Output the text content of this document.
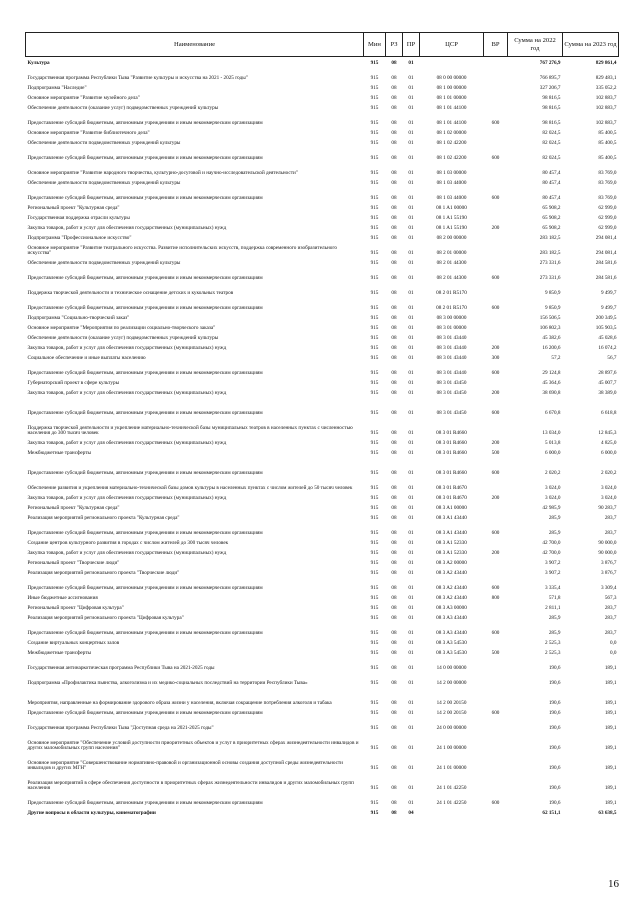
Наименование	Мин	РЗ	ПР	ЦСР	ВР	Сумма на 2022 год	Сумма на 2023 год
Культура	915	08	01			767 276,9	829 861,4
Государственная программа Республики Тыва "Развитие культуры и искусства на 2021 - 2025 годы"	915	08	01	08 0 00 00000		766 895,7	829 483,1
Подпрограмма "Наследие"	915	08	01	08 1 00 00000		327 206,7	335 052,2
Основное мероприятие "Развитие музейного дела"	915	08	01	08 1 01 00000		98 816,5	102 883,7
Обеспечение деятельности (оказание услуг) подведомственных учреждений культуры	915	08	01	08 1 01 44100		98 816,5	102 883,7
Предоставление субсидий бюджетным, автономным учреждениям и иным некоммерческим организациям	915	08	01	08 1 01 44100	600	98 816,5	102 883,7
Основное мероприятие "Развитие библиотечного дела"	915	08	01	08 1 02 00000		82 024,5	85 400,5
Обеспечение деятельности подведомственных учреждений культуры	915	08	01	08 1 02 42200		82 024,5	85 400,5
Предоставление субсидий бюджетным, автономным учреждениям и иным некоммерческим организациям	915	08	01	08 1 02 42200	600	82 024,5	85 400,5
Основное мероприятие "Развитие народного творчества, культурно-досуговой и научно-исследовательской деятельности"	915	08	01	08 1 03 00000		80 457,4	83 769,0
Обеспечение деятельности подведомственных учреждений культуры	915	08	01	08 1 03 44000		80 457,4	83 769,0
Предоставление субсидий бюджетным, автономным учреждениям и иным некоммерческим организациям	915	08	01	08 1 03 44000	600	80 457,4	83 769,0
Региональный проект "Культурная среда"	915	08	01	08 1 A1 00000		65 908,2	62 999,0
Государственная поддержка отрасли культуры	915	08	01	08 1 A1 55190		65 908,2	62 999,0
Закупка товаров, работ и услуг для обеспечения государственных (муниципальных) нужд	915	08	01	08 1 A1 55190	200	65 908,2	62 999,0
Подпрограмма "Профессиональное искусство"	915	08	01	08 2 00 00000		283 182,5	294 081,4
Основное мероприятие "Развитие театрального искусства. Развитие исполнительских искусств, поддержка современного изобразительного искусства"	915	08	01	08 2 01 00000		283 182,5	294 081,4
Обеспечение деятельности подведомственных учреждений культуры	915	08	01	08 2 01 44300		273 331,6	284 581,6
Предоставление субсидий бюджетным, автономным учреждениям и иным некоммерческим организациям	915	08	01	08 2 01 44300	600	273 331,6	284 581,6
Поддержка творческой деятельности и техническое оснащение детских и кукольных театров	915	08	01	08 2 01 R5170		9 850,9	9 499,7
Предоставление субсидий бюджетным, автономным учреждениям и иным некоммерческим организациям	915	08	01	08 2 01 R5170	600	9 850,9	9 499,7
Подпрограмма "Социально-творческий заказ"	915	08	01	08 3 00 00000		156 506,5	200 349,5
Основное мероприятие "Мероприятия по реализации социально-творческого заказа"	915	08	01	08 3 01 00000		106 802,3	105 903,5
Обеспечение деятельности (оказание услуг) подведомственных учреждений культуры	915	08	01	08 3 01 43440		45 382,6	45 028,6
Закупка товаров, работ и услуг для обеспечения государственных (муниципальных) нужд	915	08	01	08 3 01 43440	200	16 200,6	16 074,2
Социальное обеспечение и иные выплаты населению	915	08	01	08 3 01 43440	300	57,2	56,7
Предоставление субсидий бюджетным, автономным учреждениям и иным некоммерческим организациям	915	08	01	08 3 01 43440	600	29 124,8	28 897,6
Губернаторский проект в сфере культуры	915	08	01	08 3 01 43450		45 364,6	45 007,7
Закупка товаров, работ и услуг для обеспечения государственных (муниципальных) нужд	915	08	01	08 3 01 43450	200	38 690,8	38 389,0
Предоставление субсидий бюджетным, автономным учреждениям и иным некоммерческим организациям	915	08	01	08 3 01 43450	600	6 670,8	6 618,8
Поддержка творческой деятельности и укрепление материально-технической базы муниципальных театров в населенных пунктах с численностью населения до 300 тысяч человек	915	08	01	08 3 01 R4660		13 034,0	12 845,3
Закупка товаров, работ и услуг для обеспечения государственных (муниципальных) нужд	915	08	01	08 3 01 R4660	200	5 013,8	4 825,0
Межбюджетные трансферты	915	08	01	08 3 01 R4660	500	6 000,0	6 000,0
Предоставление субсидий бюджетным, автономным учреждениям и иным некоммерческим организациям	915	08	01	08 3 01 R4660	600	2 020,2	2 020,2
Обеспечение развития и укрепления материально-технической базы домов культуры в населенных пунктах с числом жителей до 50 тысяч человек	915	08	01	08 3 01 R4670		3 024,0	3 024,0
Закупка товаров, работ и услуг для обеспечения государственных (муниципальных) нужд	915	08	01	08 3 01 R4670	200	3 024,0	3 024,0
Региональный проект "Культурная среда"	915	08	01	08 3 A1 00000		42 985,9	90 283,7
Реализация мероприятий регионального проекта "Культурная среда"	915	08	01	08 3 A1 43440		285,9	283,7
Предоставление субсидий бюджетным, автономным учреждениям и иным некоммерческим организациям	915	08	01	08 3 A1 43440	600	285,9	283,7
Создание центров культурного развития в городах с числом жителей до 300 тысяч человек	915	08	01	08 3 A1 52330		42 700,0	90 000,0
Закупка товаров, работ и услуг для обеспечения государственных (муниципальных) нужд	915	08	01	08 3 A1 52330	200	42 700,0	90 000,0
Региональный проект "Творческие люди"	915	08	01	08 3 A2 00000		3 907,2	3 876,7
Реализация мероприятий регионального проекта "Творческие люди"	915	08	01	08 3 A2 43440		3 907,2	3 876,7
Предоставление субсидий бюджетным, автономным учреждениям и иным некоммерческим организациям	915	08	01	08 3 A2 43440	600	3 335,4	3 309,4
Иные бюджетные ассигнования	915	08	01	08 3 A2 43440	800	571,8	567,3
Региональный проект "Цифровая культура"	915	08	01	08 3 A3 00000		2 811,1	283,7
Реализация мероприятий регионального проекта "Цифровая культура"	915	08	01	08 3 A3 43440		285,9	283,7
Предоставление субсидий бюджетным, автономным учреждениям и иным некоммерческим организациям	915	08	01	08 3 A3 43440	600	285,9	283,7
Создание виртуальных концертных залов	915	08	01	08 3 A3 54530		2 525,3	0,0
Межбюджетные трансферты	915	08	01	08 3 A3 54530	500	2 525,3	0,0
Государственная антинаркотическая программа Республики Тыва на 2021-2025 годы	915	08	01	14 0 00 00000		190,6	189,1
Подпрограмма «Профилактика пьянства, алкоголизма и их медико-социальных последствий на территории Республики Тыва»	915	08	01	14 2 00 00000		190,6	189,1
Мероприятия, направленные на формирование здорового образа жизни у населения, включая сокращение потребления алкоголя и табака	915	08	01	14 2 00 20150		190,6	189,1
Предоставление субсидий бюджетным, автономным учреждениям и иным некоммерческим организациям	915	08	01	14 2 00 20150	600	190,6	189,1
Государственная программа Республики Тыва "Доступная среда на 2021-2025 годы"	915	08	01	24 0 00 00000		190,6	189,1
Основное мероприятие "Обеспечение условий доступности приоритетных объектов и услуг в приоритетных сферах жизнедеятельности инвалидов и других маломобильных групп населения"	915	08	01	24 1 00 00000		190,6	189,1
Основное мероприятие "Совершенствование нормативно-правовой и организационной основы создания доступной среды жизнедеятельности инвалидов и других МГН"	915	08	01	24 1 01 00000		190,6	189,1
Реализация мероприятий в сфере обеспечения доступности в приоритетных сферах жизнедеятельности инвалидов и других маломобильных групп населения	915	08	01	24 1 01 42250		190,6	189,1
Предоставление субсидий бюджетным, автономным учреждениям и иным некоммерческим организациям	915	08	01	24 1 01 42250	600	190,6	189,1
Другие вопросы в области культуры, кинематографии	915	08	04			62 151,1	63 638,5
16
